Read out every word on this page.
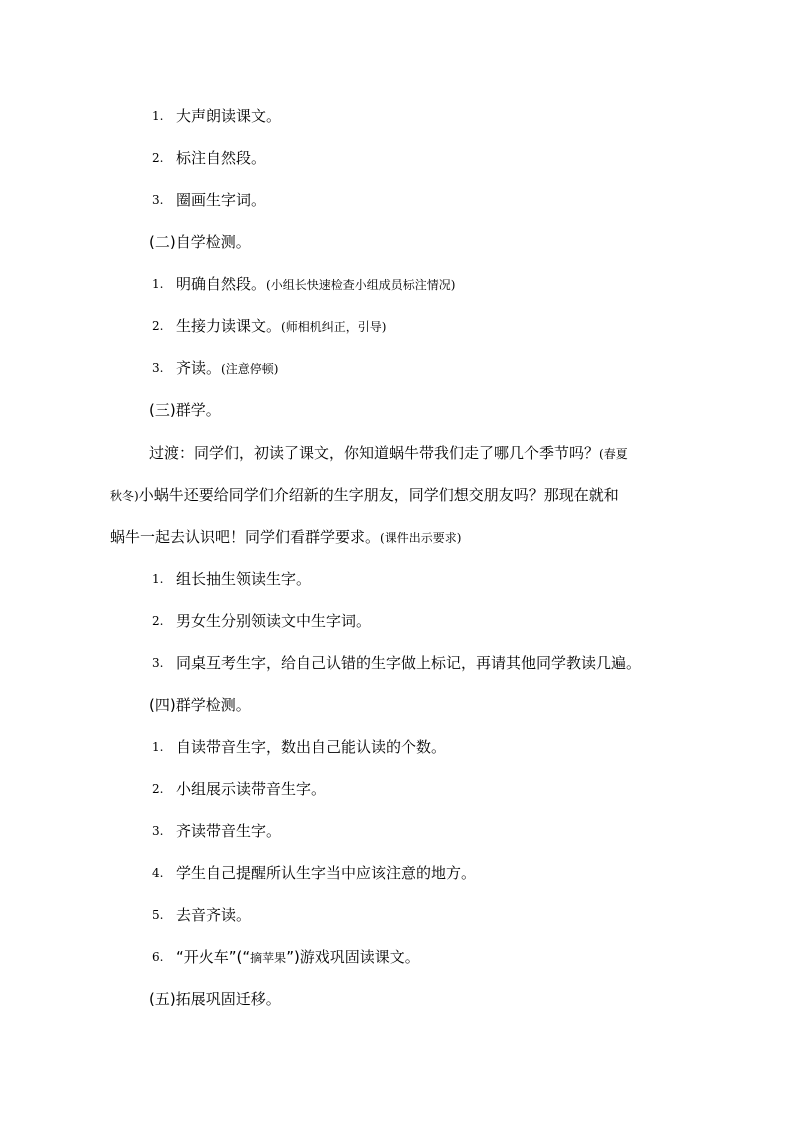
1. 大声朗读课文。
2. 标注自然段。
3. 圈画生字词。
(二)自学检测。
1. 明确自然段。(小组长快速检查小组成员标注情况)
2. 生接力读课文。(师相机纠正，引导)
3. 齐读。(注意停顿)
(三)群学。
过渡：同学们，初读了课文，你知道蜗牛带我们走了哪几个季节吗？(春夏
秋冬)小蜗牛还要给同学们介绍新的生字朋友，同学们想交朋友吗？那现在就和
蜗牛一起去认识吧！同学们看群学要求。(课件出示要求)
1. 组长抽生领读生字。
2. 男女生分别领读文中生字词。
3. 同桌互考生字，给自己认错的生字做上标记，再请其他同学教读几遍。
(四)群学检测。
1. 自读带音生字，数出自己能认读的个数。
2. 小组展示读带音生字。
3. 齐读带音生字。
4. 学生自己提醒所认生字当中应该注意的地方。
5. 去音齐读。
6. “开火车”(“摘苹果”)游戏巩固读课文。
(五)拓展巩固迁移。
